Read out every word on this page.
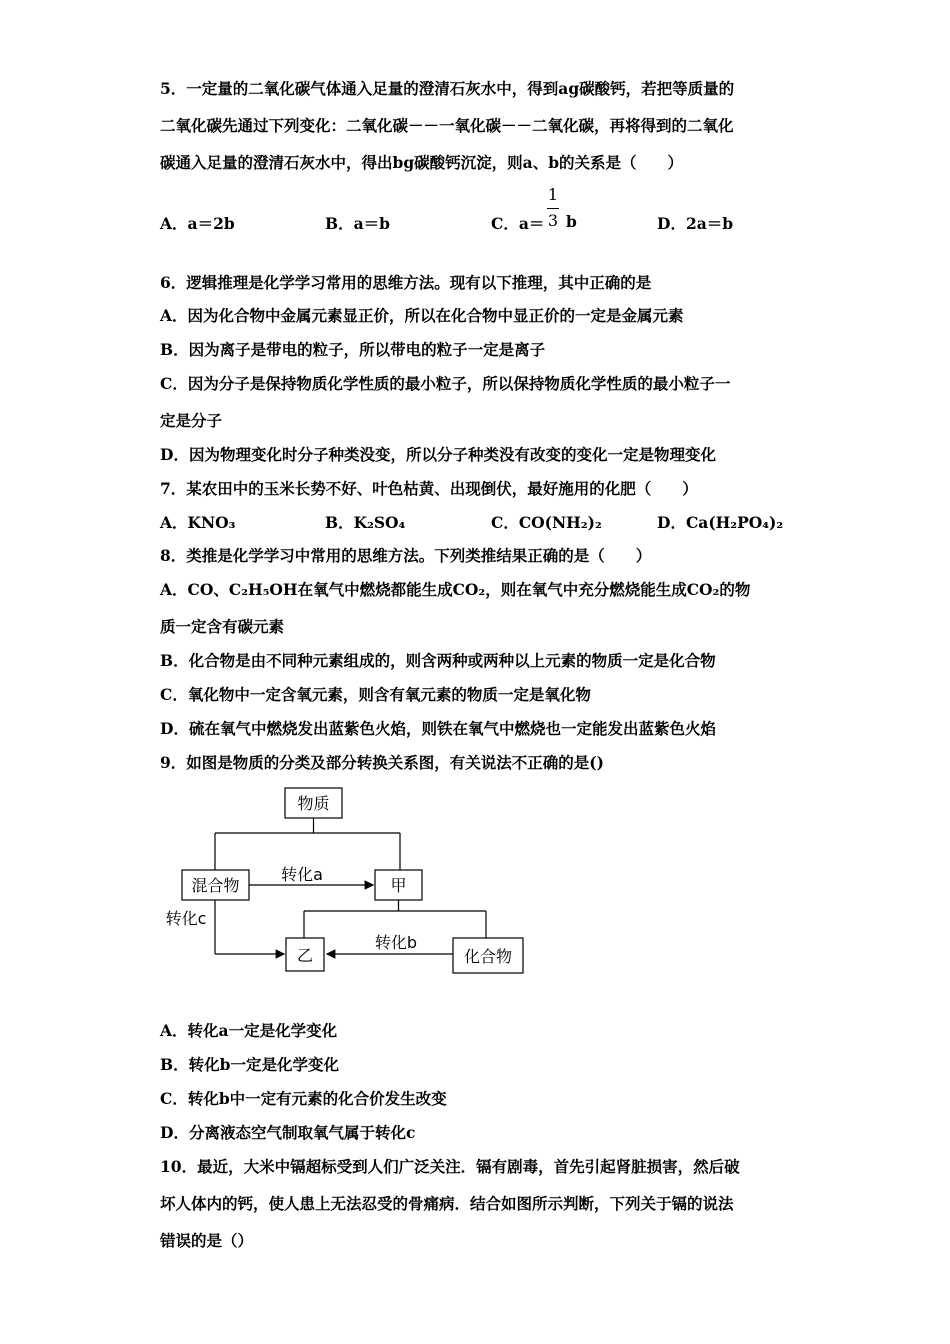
5．一定量的二氧化碳气体通入足量的澄清石灰水中，得到ag碳酸钙，若把等质量的
二氧化碳先通过下列变化：二氧化碳－－一氧化碳－－二氧化碳，再将得到的二氧化
碳通入足量的澄清石灰水中，得出bg碳酸钙沉淀，则a、b的关系是（　　）
A．a＝2b	B．a＝b	C．a＝
1
3 b	D．2a＝b
6．逻辑推理是化学学习常用的思维方法。现有以下推理，其中正确的是
A．因为化合物中金属元素显正价，所以在化合物中显正价的一定是金属元素
B．因为离子是带电的粒子，所以带电的粒子一定是离子
C．因为分子是保持物质化学性质的最小粒子，所以保持物质化学性质的最小粒子一
定是分子
D．因为物理变化时分子种类没变，所以分子种类没有改变的变化一定是物理变化
7．某农田中的玉米长势不好、叶色枯黄、出现倒伏，最好施用的化肥（　　）
A．KNO₃	B．K₂SO₄	C．CO(NH₂)₂	D．Ca(H₂PO₄)₂
8．类推是化学学习中常用的思维方法。下列类推结果正确的是（　　）
A．CO、C₂H₅OH在氧气中燃烧都能生成CO₂，则在氧气中充分燃烧能生成CO₂的物
质一定含有碳元素
B．化合物是由不同种元素组成的，则含两种或两种以上元素的物质一定是化合物
C．氧化物中一定含氧元素，则含有氧元素的物质一定是氧化物
D．硫在氧气中燃烧发出蓝紫色火焰，则铁在氧气中燃烧也一定能发出蓝紫色火焰
9．如图是物质的分类及部分转换关系图，有关说法不正确的是()
物质
混合物	甲
转化a
乙	化合物
转化b
转化c
A．转化a一定是化学变化
B．转化b一定是化学变化
C．转化b中一定有元素的化合价发生改变
D．分离液态空气制取氧气属于转化c
10．最近，大米中镉超标受到人们广泛关注．镉有剧毒，首先引起肾脏损害，然后破
坏人体内的钙，使人患上无法忍受的骨痛病．结合如图所示判断，下列关于镉的说法
错误的是（）
